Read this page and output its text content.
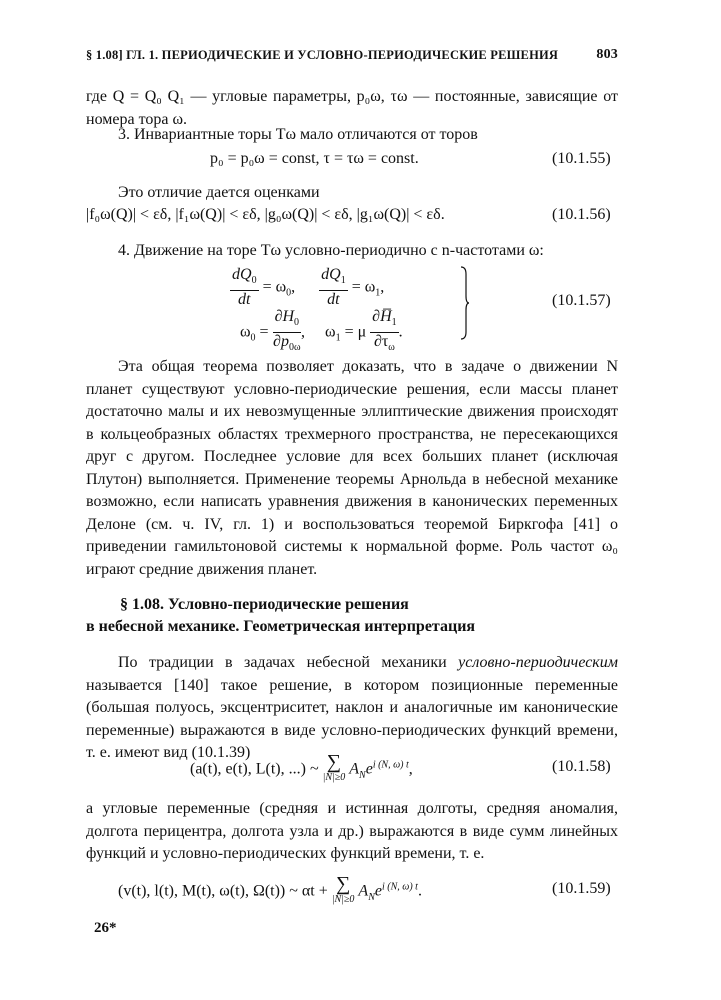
§ 1.08] ГЛ. 1. ПЕРИОДИЧЕСКИЕ И УСЛОВНО-ПЕРИОДИЧЕСКИЕ РЕШЕНИЯ	803

где Q = Q₀ Q₁ — угловые параметры, p₀ω, τω — постоянные, зависящие от номера тора ω.

3. Инвариантные торы Tω мало отличаются от торов

p₀ = p₀ω = const, τ = τω = const.	(10.1.55)

Это отличие дается оценками

|f₀ω(Q)| < εδ, |f₁ω(Q)| < εδ, |g₀ω(Q)| < εδ, |g₁ω(Q)| < εδ.	(10.1.56)

4. Движение на торе Tω условно-периодично с n-частотами ω:

$\frac{dQ_0}{dt} = \omega_0$, $\frac{dQ_1}{dt} = \omega_1$,
$\omega_0 = \frac{\partial H_0}{\partial p_{0\omega}}$ ,     $\omega_1 = \mu \frac{\partial H̅_1}{\partial\tau_\omega}$ .
(10.1.57)

Эта общая теорема позволяет доказать, что в задаче о движении N планет существуют условно-периодические решения, если массы планет достаточно малы и их невозмущенные эллиптические движения происходят в кольцеобразных областях трехмерного пространства, не пересекающихся друг с другом. Последнее условие для всех больших планет (исключая Плутон) выполняется. Применение теоремы Арнольда в небесной механике возможно, если написать уравнения движения в канонических переменных Делоне (см. ч. IV, гл. 1) и воспользоваться теоремой Биркгофа [41] о приведении гамильтоновой системы к нормальной форме. Роль частот ω₀ играют средние движения планет.

§ 1.08. Условно-периодические решения
в небесной механике. Геометрическая интерпретация

По традиции в задачах небесной механики условно-периодическим называется [140] такое решение, в котором позиционные переменные (большая полуось, эксцентриситет, наклон и аналогичные им канонические переменные) выражаются в виде условно-периодических функций времени, т. е. имеют вид (10.1.39)

(a(t), e(t), L(t), ...) ~ ∑
|N|≥0 $A_Ne^{i (N, \omega) t}$,	(10.1.58)

а угловые переменные (средняя и истинная долготы, средняя аномалия, долгота перицентра, долгота узла и др.) выражаются в виде сумм линейных функций и условно-периодических функций времени, т. е.

(v(t), l(t), M(t), ω(t), Ω(t)) ~ αt + ∑
|N|≥0 $A_Ne^{i (N, \omega) t}$.	(10.1.59)
26*
